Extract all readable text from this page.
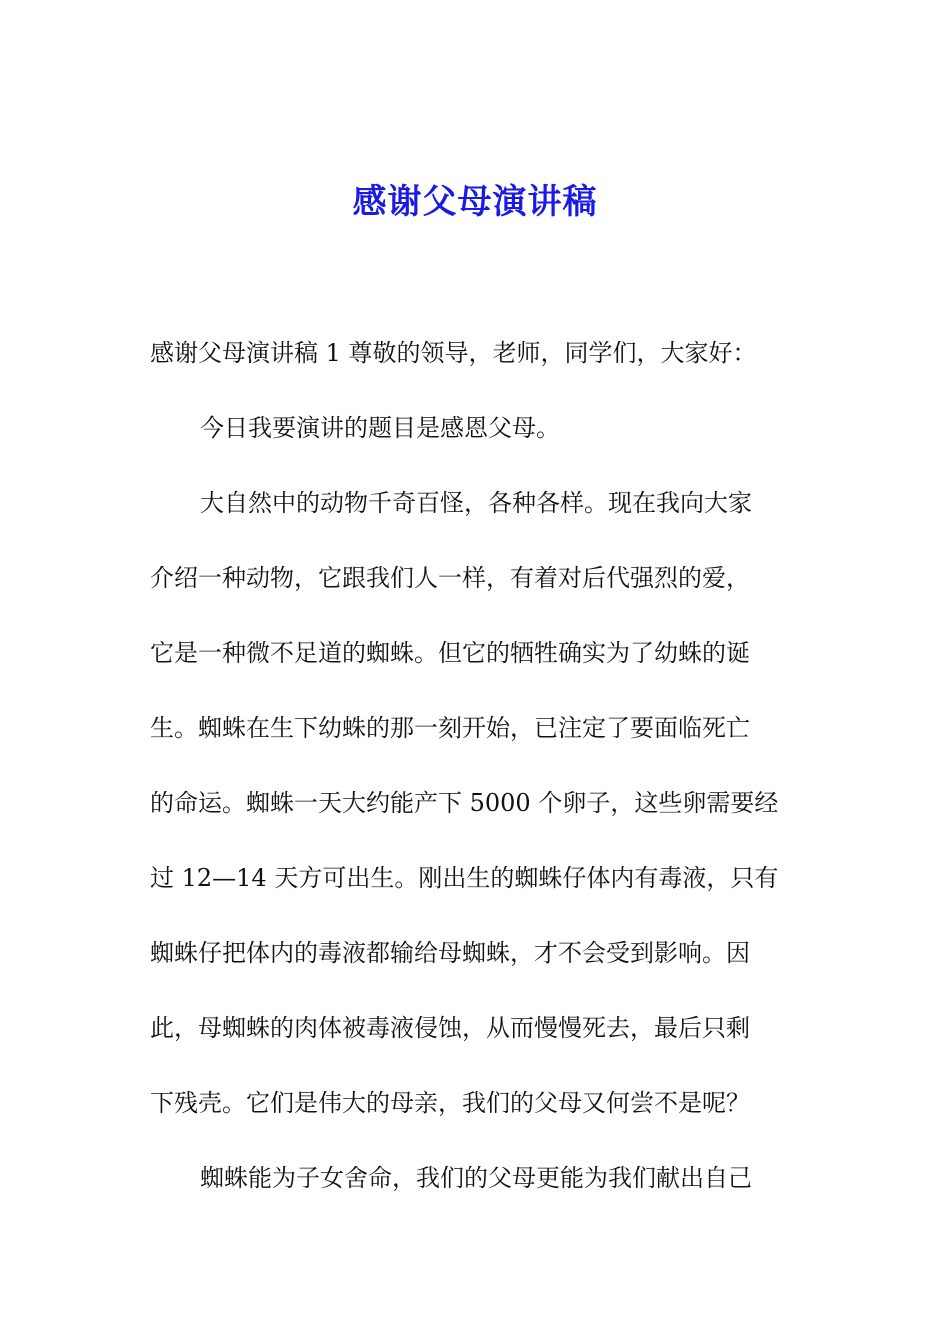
感谢父母演讲稿
感谢父母演讲稿 1 尊敬的领导，老师，同学们，大家好：
今日我要演讲的题目是感恩父母。
大自然中的动物千奇百怪，各种各样。现在我向大家
介绍一种动物，它跟我们人一样，有着对后代强烈的爱，
它是一种微不足道的蜘蛛。但它的牺牲确实为了幼蛛的诞
生。蜘蛛在生下幼蛛的那一刻开始，已注定了要面临死亡
的命运。蜘蛛一天大约能产下 5000 个卵子，这些卵需要经
过 12—14 天方可出生。刚出生的蜘蛛仔体内有毒液，只有
蜘蛛仔把体内的毒液都输给母蜘蛛，才不会受到影响。因
此，母蜘蛛的肉体被毒液侵蚀，从而慢慢死去，最后只剩
下残壳。它们是伟大的母亲，我们的父母又何尝不是呢？
蜘蛛能为子女舍命，我们的父母更能为我们献出自己
